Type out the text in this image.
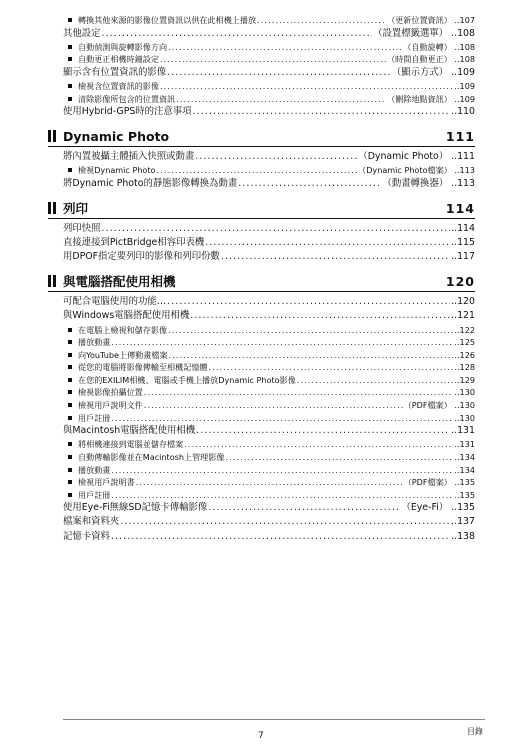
轉換其他來源的影像位置資訊以供在此相機上播放 .....	（更新位置資訊） ..107
其他設定 .....	（設置標籤選單） ..108
自動偵測與旋轉影像方向 .....	（自動旋轉） ..108
自動更正相機時鐘設定 .....	（時間自動更正） ..108
顯示含有位置資訊的影像 .....	（顯示方式） ..109
檢視含位置資訊的影像 .....	..109
清除影像所包含的位置資訊 .....	（刪除地點資訊） ..109
使用Hybrid-GPS時的注意事項 .....	..110
Dynamic Photo	111
將內置被攝主體插入快照或動畫 .....	（Dynamic Photo） ..111
檢視Dynamic Photo .....	（Dynamic Photo檔案） ..113
將Dynamic Photo的靜態影像轉換為動畫 .....	（動畫轉換器） ..113
列印	114
列印快照 .....	..114
直接連接到PictBridge相容印表機 .....	..115
用DPOF指定要列印的影像和列印份數 .....	..117
與電腦搭配使用相機	120
可配合電腦使用的功能… .....	..120
與Windows電腦搭配使用相機 .....	..121
在電腦上檢視和儲存影像 .....	..122
播放動畫 .....	..125
向YouTube上傳動畫檔案 .....	..126
從您的電腦將影像傳輸至相機記憶體 .....	..128
在您的EXILIM相機、電腦或手機上播放Dynamic Photo影像 .....	..129
檢視影像拍攝位置 .....	..130
檢視用戶說明文件 .....	（PDF檔案） ..130
用戶註冊 .....	..130
與Macintosh電腦搭配使用相機 .....	..131
將相機連接到電腦並儲存檔案 .....	..131
自動傳輸影像並在Macintosh上管理影像 .....	..134
播放動畫 .....	..134
檢視用戶說明書 .....	（PDF檔案） ..135
用戶註冊 .....	..135
使用Eye-Fi無線SD記憶卡傳輸影像 .....	（Eye-Fi） ..135
檔案和資料夾 .....	..137
記憶卡資料 .....	..138
7	目錄
